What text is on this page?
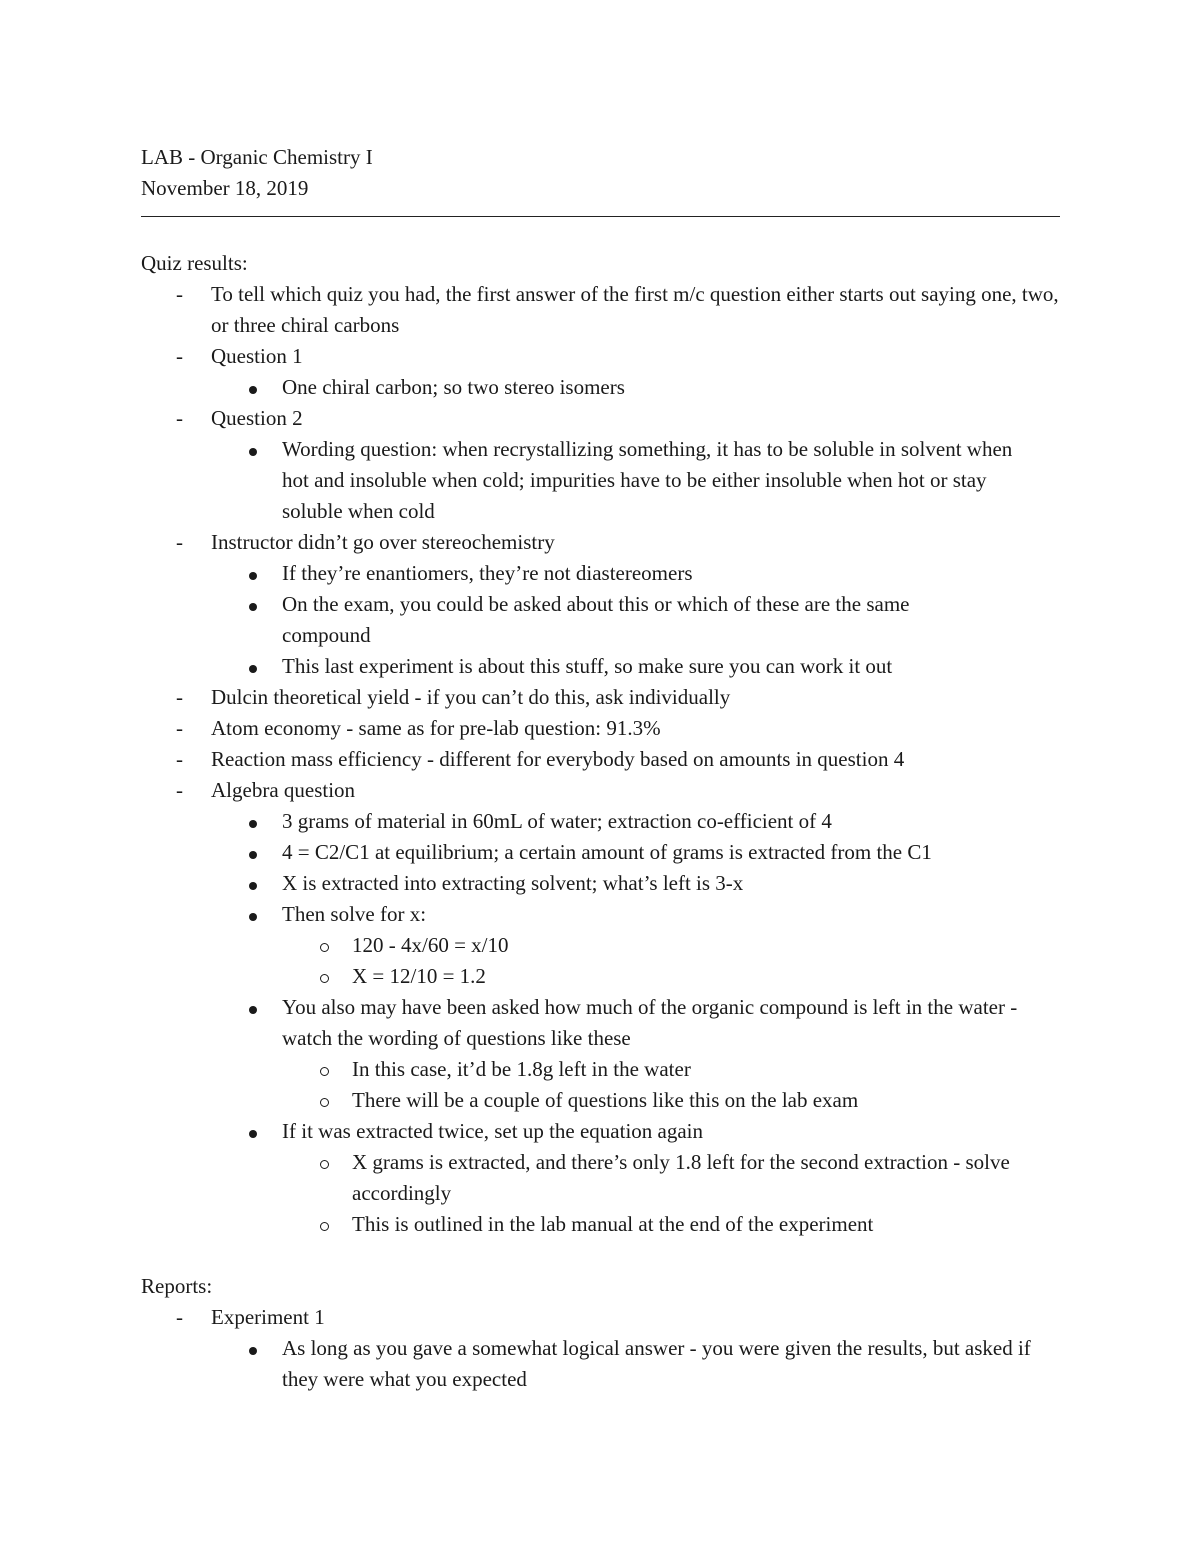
LAB - Organic Chemistry I
November 18, 2019
Quiz results:
-
To tell which quiz you had, the first answer of the first m/c question either starts out saying one, two, or three chiral carbons
-
Question 1
One chiral carbon; so two stereo isomers
-
Question 2
Wording question: when recrystallizing something, it has to be soluble in solvent when hot and insoluble when cold; impurities have to be either insoluble when hot or stay soluble when cold
-
Instructor didn’t go over stereochemistry
If they’re enantiomers, they’re not diastereomers
On the exam, you could be asked about this or which of these are the same compound
This last experiment is about this stuff, so make sure you can work it out
-
Dulcin theoretical yield - if you can’t do this, ask individually
-
Atom economy - same as for pre-lab question: 91.3%
-
Reaction mass efficiency - different for everybody based on amounts in question 4
-
Algebra question
3 grams of material in 60mL of water; extraction co-efficient of 4
4 = C2/C1 at equilibrium; a certain amount of grams is extracted from the C1
X is extracted into extracting solvent; what’s left is 3-x
Then solve for x:
120 - 4x/60 = x/10
X = 12/10 = 1.2
You also may have been asked how much of the organic compound is left in the water - watch the wording of questions like these
In this case, it’d be 1.8g left in the water
There will be a couple of questions like this on the lab exam
If it was extracted twice, set up the equation again
X grams is extracted, and there’s only 1.8 left for the second extraction - solve accordingly
This is outlined in the lab manual at the end of the experiment
Reports:
-
Experiment 1
As long as you gave a somewhat logical answer - you were given the results, but asked if they were what you expected
